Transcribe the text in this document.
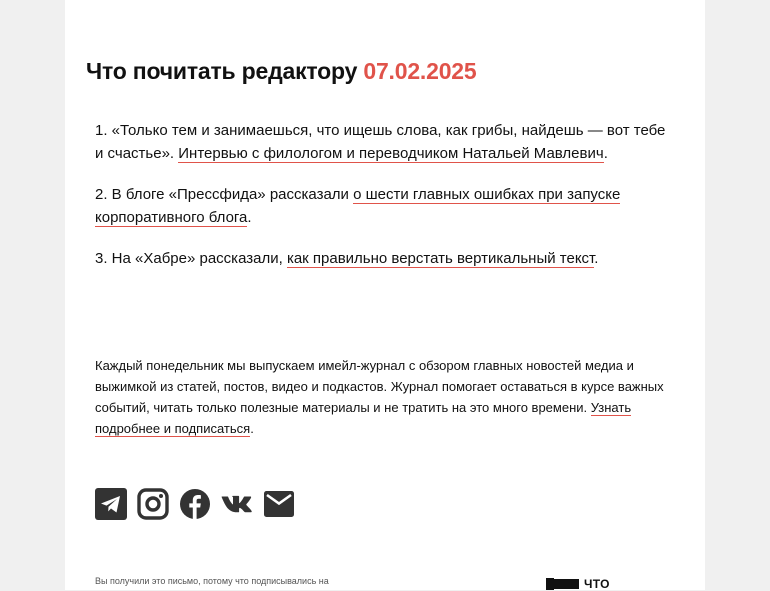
Что почитать редактору 07.02.2025

1. «Только тем и занимаешься, что ищешь слова, как грибы, найдешь — вот тебе и счастье». Интервью с филологом и переводчиком Натальей Мавлевич.

2. В блоге «Прессфида» рассказали о шести главных ошибках при запуске корпоративного блога.

3. На «Хабре» рассказали, как правильно верстать вертикальный текст.

Каждый понедельник мы выпускаем имейл-журнал с обзором главных новостей медиа и выжимкой из статей, постов, видео и подкастов. Журнал помогает оставаться в курсе важных событий, читать только полезные материалы и не тратить на это много времени. Узнать подробнее и подписаться.

Вы получили это письмо, потому что подписывались на	ЧТО
